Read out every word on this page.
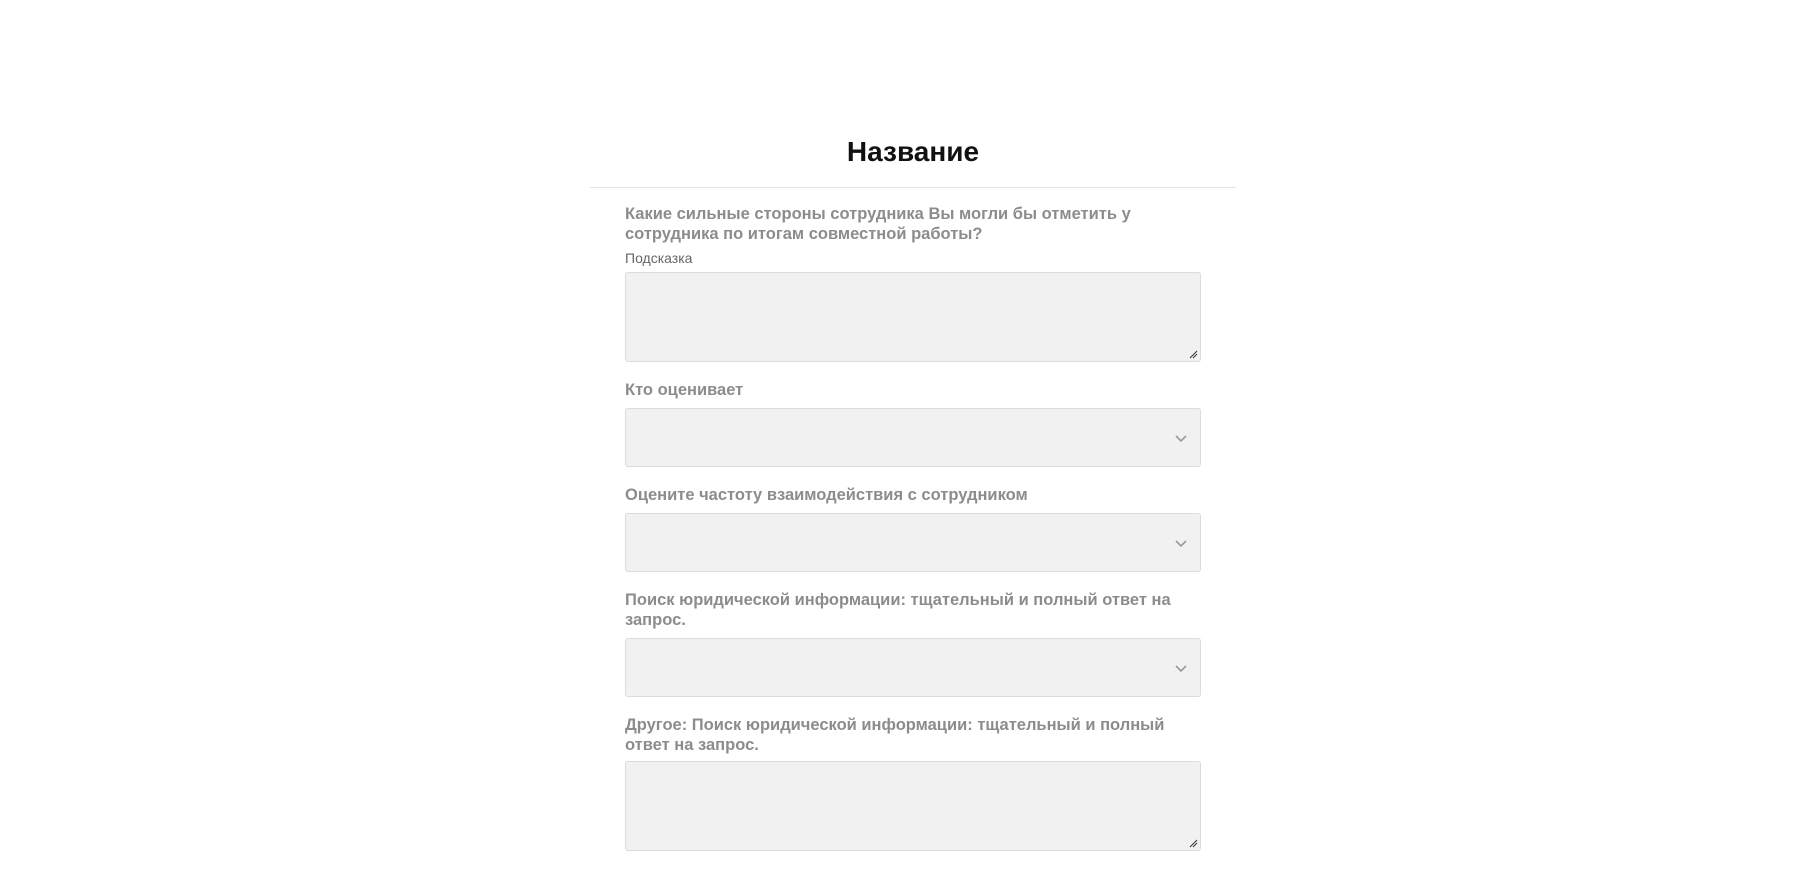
Название
Какие сильные стороны сотрудника Вы могли бы отметить у сотрудника по итогам совместной работы?
Подсказка
Кто оценивает
Оцените частоту взаимодействия с сотрудником
Поиск юридической информации: тщательный и полный ответ на запрос.
Другое: Поиск юридической информации: тщательный и полный ответ на запрос.
